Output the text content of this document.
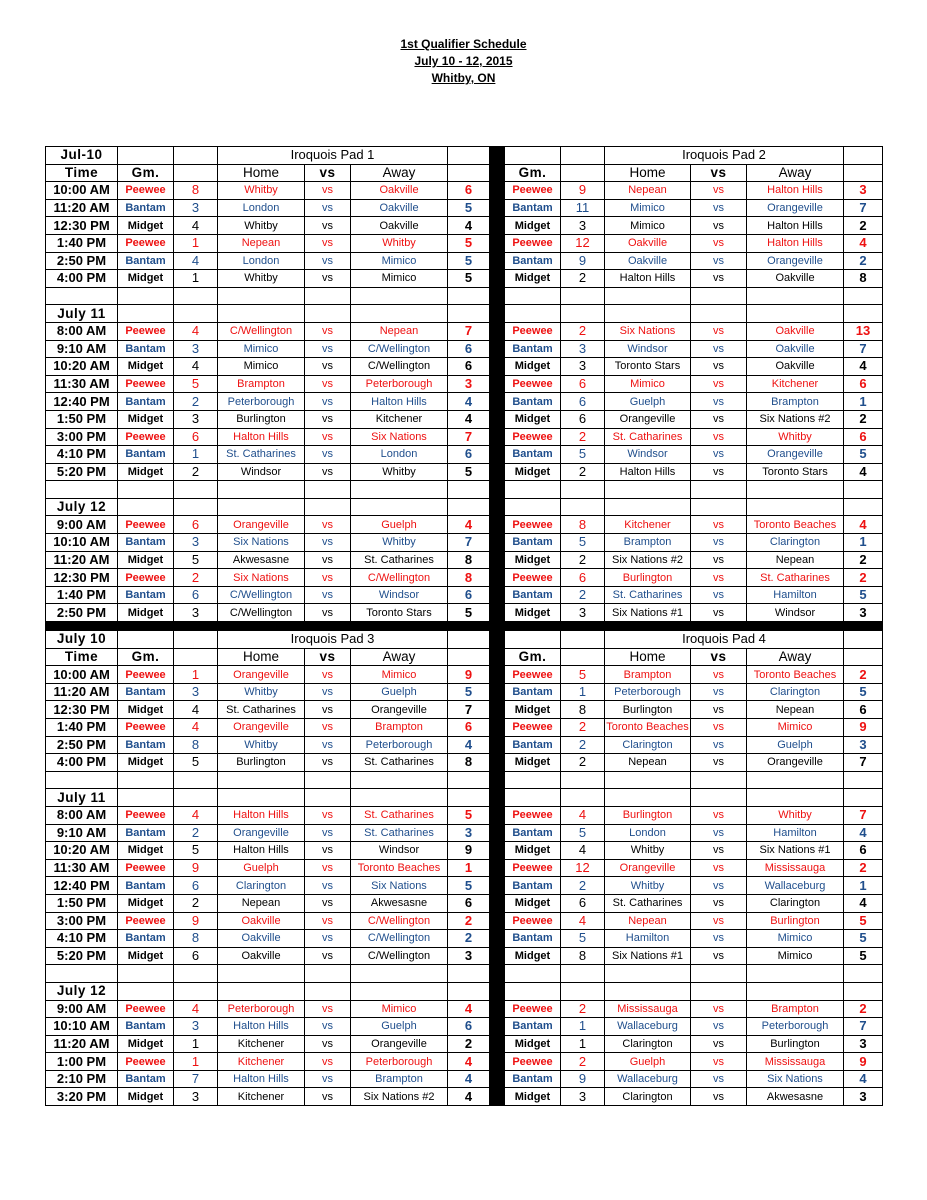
1st Qualifier Schedule
July 10 - 12, 2015
Whitby, ON
Jul-10			Iroquois Pad 1							Iroquois Pad 2			
Time	Gm.		Home	vs	Away			Gm.		Home	vs	Away	
10:00 AM	Peewee	8	Whitby	vs	Oakville	6		Peewee	9	Nepean	vs	Halton Hills	3
11:20 AM	Bantam	3	London	vs	Oakville	5		Bantam	11	Mimico	vs	Orangeville	7
12:30 PM	Midget	4	Whitby	vs	Oakville	4		Midget	3	Mimico	vs	Halton Hills	2
1:40 PM	Peewee	1	Nepean	vs	Whitby	5		Peewee	12	Oakville	vs	Halton Hills	4
2:50 PM	Bantam	4	London	vs	Mimico	5		Bantam	9	Oakville	vs	Orangeville	2
4:00 PM	Midget	1	Whitby	vs	Mimico	5		Midget	2	Halton Hills	vs	Oakville	8

July 11													
8:00 AM	Peewee	4	C/Wellington	vs	Nepean	7		Peewee	2	Six Nations	vs	Oakville	13
9:10 AM	Bantam	3	Mimico	vs	C/Wellington	6		Bantam	3	Windsor	vs	Oakville	7
10:20 AM	Midget	4	Mimico	vs	C/Wellington	6		Midget	3	Toronto Stars	vs	Oakville	4
11:30 AM	Peewee	5	Brampton	vs	Peterborough	3		Peewee	6	Mimico	vs	Kitchener	6
12:40 PM	Bantam	2	Peterborough	vs	Halton Hills	4		Bantam	6	Guelph	vs	Brampton	1
1:50 PM	Midget	3	Burlington	vs	Kitchener	4		Midget	6	Orangeville	vs	Six Nations #2	2
3:00 PM	Peewee	6	Halton Hills	vs	Six Nations	7		Peewee	2	St. Catharines	vs	Whitby	6
4:10 PM	Bantam	1	St. Catharines	vs	London	6		Bantam	5	Windsor	vs	Orangeville	5
5:20 PM	Midget	2	Windsor	vs	Whitby	5		Midget	2	Halton Hills	vs	Toronto Stars	4

July 12													
9:00 AM	Peewee	6	Orangeville	vs	Guelph	4		Peewee	8	Kitchener	vs	Toronto Beaches	4
10:10 AM	Bantam	3	Six Nations	vs	Whitby	7		Bantam	5	Brampton	vs	Clarington	1
11:20 AM	Midget	5	Akwesasne	vs	St. Catharines	8		Midget	2	Six Nations #2	vs	Nepean	2
12:30 PM	Peewee	2	Six Nations	vs	C/Wellington	8		Peewee	6	Burlington	vs	St. Catharines	2
1:40 PM	Bantam	6	C/Wellington	vs	Windsor	6		Bantam	2	St. Catharines	vs	Hamilton	5
2:50 PM	Midget	3	C/Wellington	vs	Toronto Stars	5		Midget	3	Six Nations #1	vs	Windsor	3

July 10			Iroquois Pad 3							Iroquois Pad 4			
Time	Gm.		Home	vs	Away			Gm.		Home	vs	Away	
10:00 AM	Peewee	1	Orangeville	vs	Mimico	9		Peewee	5	Brampton	vs	Toronto Beaches	2
11:20 AM	Bantam	3	Whitby	vs	Guelph	5		Bantam	1	Peterborough	vs	Clarington	5
12:30 PM	Midget	4	St. Catharines	vs	Orangeville	7		Midget	8	Burlington	vs	Nepean	6
1:40 PM	Peewee	4	Orangeville	vs	Brampton	6		Peewee	2	Toronto Beaches	vs	Mimico	9
2:50 PM	Bantam	8	Whitby	vs	Peterborough	4		Bantam	2	Clarington	vs	Guelph	3
4:00 PM	Midget	5	Burlington	vs	St. Catharines	8		Midget	2	Nepean	vs	Orangeville	7

July 11													
8:00 AM	Peewee	4	Halton Hills	vs	St. Catharines	5		Peewee	4	Burlington	vs	Whitby	7
9:10 AM	Bantam	2	Orangeville	vs	St. Catharines	3		Bantam	5	London	vs	Hamilton	4
10:20 AM	Midget	5	Halton Hills	vs	Windsor	9		Midget	4	Whitby	vs	Six Nations #1	6
11:30 AM	Peewee	9	Guelph	vs	Toronto Beaches	1		Peewee	12	Orangeville	vs	Mississauga	2
12:40 PM	Bantam	6	Clarington	vs	Six Nations	5		Bantam	2	Whitby	vs	Wallaceburg	1
1:50 PM	Midget	2	Nepean	vs	Akwesasne	6		Midget	6	St. Catharines	vs	Clarington	4
3:00 PM	Peewee	9	Oakville	vs	C/Wellington	2		Peewee	4	Nepean	vs	Burlington	5
4:10 PM	Bantam	8	Oakville	vs	C/Wellington	2		Bantam	5	Hamilton	vs	Mimico	5
5:20 PM	Midget	6	Oakville	vs	C/Wellington	3		Midget	8	Six Nations #1	vs	Mimico	5

July 12													
9:00 AM	Peewee	4	Peterborough	vs	Mimico	4		Peewee	2	Mississauga	vs	Brampton	2
10:10 AM	Bantam	3	Halton Hills	vs	Guelph	6		Bantam	1	Wallaceburg	vs	Peterborough	7
11:20 AM	Midget	1	Kitchener	vs	Orangeville	2		Midget	1	Clarington	vs	Burlington	3
1:00 PM	Peewee	1	Kitchener	vs	Peterborough	4		Peewee	2	Guelph	vs	Mississauga	9
2:10 PM	Bantam	7	Halton Hills	vs	Brampton	4		Bantam	9	Wallaceburg	vs	Six Nations	4
3:20 PM	Midget	3	Kitchener	vs	Six Nations #2	4		Midget	3	Clarington	vs	Akwesasne	3
